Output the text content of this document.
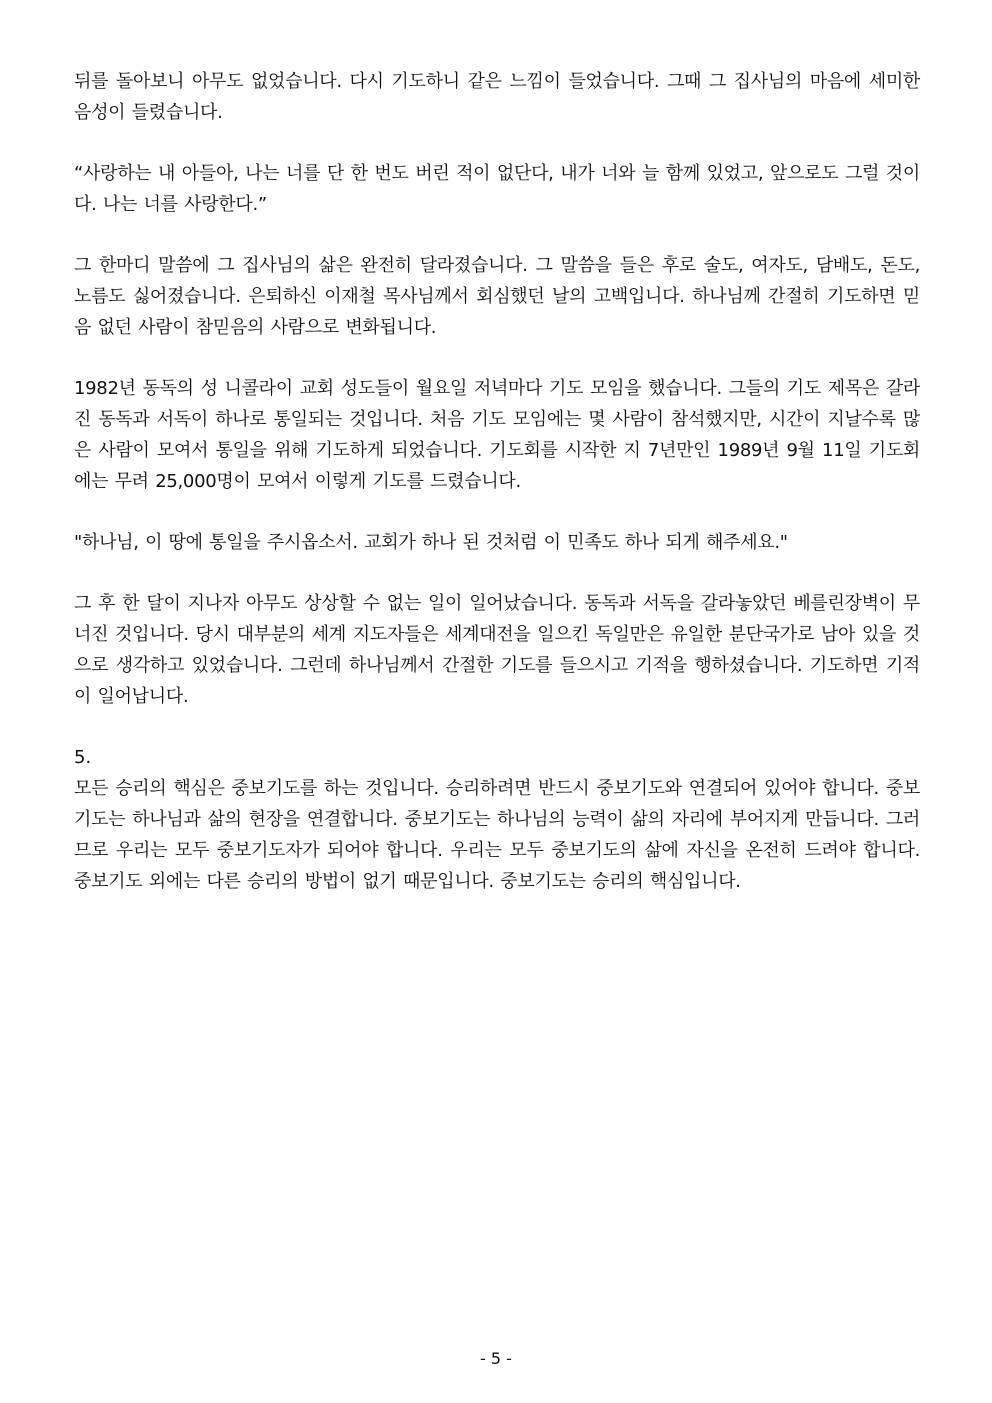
뒤를 돌아보니 아무도 없었습니다. 다시 기도하니 같은 느낌이 들었습니다. 그때 그 집사님의 마음에 세미한 음성이 들렸습니다.

“사랑하는 내 아들아, 나는 너를 단 한 번도 버린 적이 없단다, 내가 너와 늘 함께 있었고, 앞으로도 그럴 것이다. 나는 너를 사랑한다.”

그 한마디 말씀에 그 집사님의 삶은 완전히 달라졌습니다. 그 말씀을 들은 후로 술도, 여자도, 담배도, 돈도, 노름도 싫어졌습니다. 은퇴하신 이재철 목사님께서 회심했던 날의 고백입니다. 하나님께 간절히 기도하면 믿음 없던 사람이 참믿음의 사람으로 변화됩니다.

1982년 동독의 성 니콜라이 교회 성도들이 월요일 저녁마다 기도 모임을 했습니다. 그들의 기도 제목은 갈라진 동독과 서독이 하나로 통일되는 것입니다. 처음 기도 모임에는 몇 사람이 참석했지만, 시간이 지날수록 많은 사람이 모여서 통일을 위해 기도하게 되었습니다. 기도회를 시작한 지 7년만인 1989년 9월 11일 기도회에는 무려 25,000명이 모여서 이렇게 기도를 드렸습니다.

"하나님, 이 땅에 통일을 주시옵소서. 교회가 하나 된 것처럼 이 민족도 하나 되게 해주세요."

그 후 한 달이 지나자 아무도 상상할 수 없는 일이 일어났습니다. 동독과 서독을 갈라놓았던 베를린장벽이 무너진 것입니다. 당시 대부분의 세계 지도자들은 세계대전을 일으킨 독일만은 유일한 분단국가로 남아 있을 것으로 생각하고 있었습니다. 그런데 하나님께서 간절한 기도를 들으시고 기적을 행하셨습니다. 기도하면 기적이 일어납니다.

5.

모든 승리의 핵심은 중보기도를 하는 것입니다. 승리하려면 반드시 중보기도와 연결되어 있어야 합니다. 중보기도는 하나님과 삶의 현장을 연결합니다. 중보기도는 하나님의 능력이 삶의 자리에 부어지게 만듭니다. 그러므로 우리는 모두 중보기도자가 되어야 합니다. 우리는 모두 중보기도의 삶에 자신을 온전히 드려야 합니다. 중보기도 외에는 다른 승리의 방법이 없기 때문입니다. 중보기도는 승리의 핵심입니다.

- 5 -
